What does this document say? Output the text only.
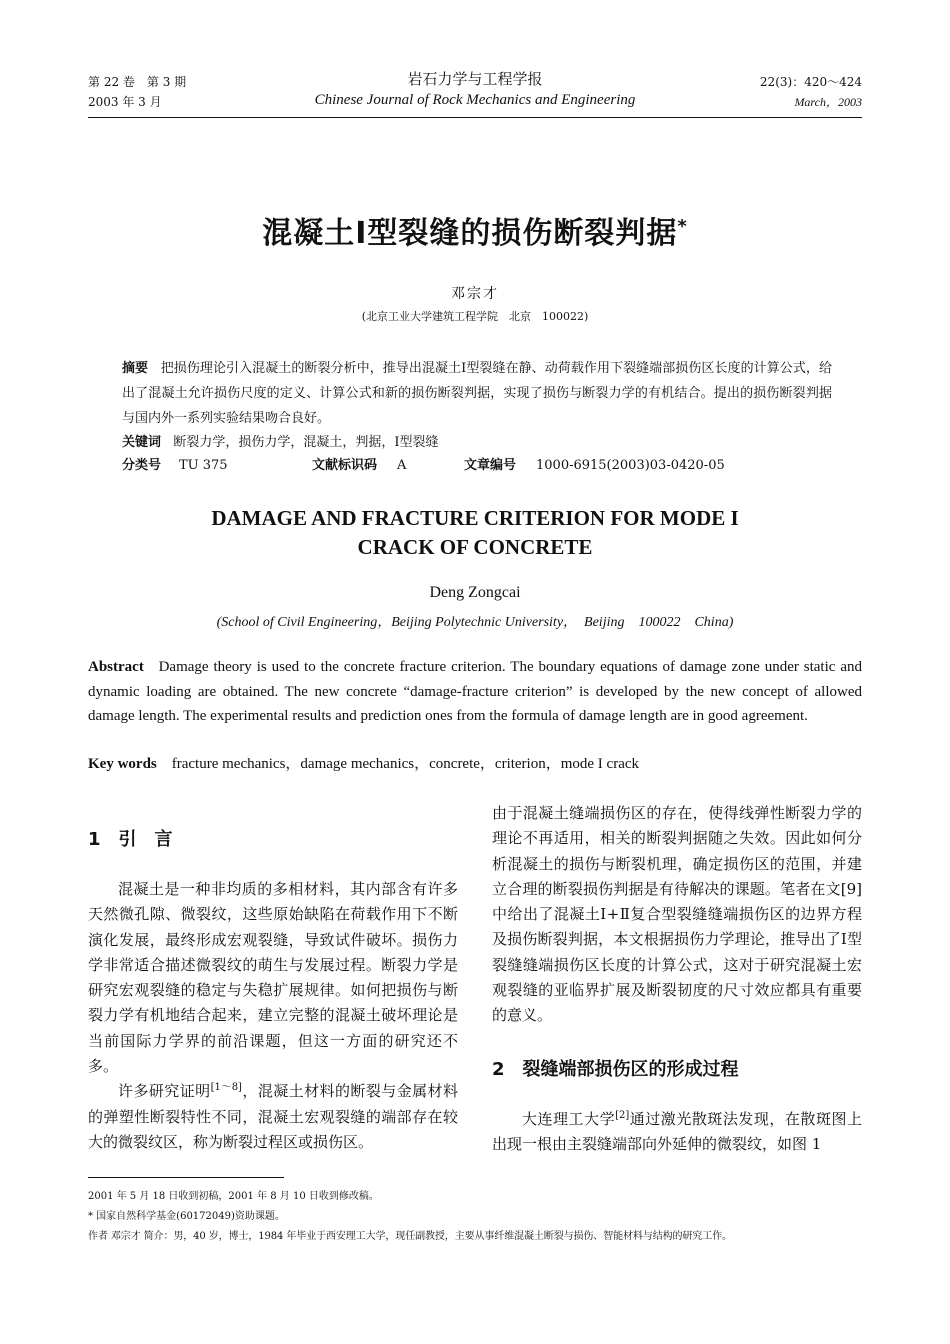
第 22 卷　第 3 期
2003 年 3 月
岩石力学与工程学报
Chinese Journal of Rock Mechanics and Engineering
22(3)：420～424
March，2003
混凝土Ⅰ型裂缝的损伤断裂判据*
邓宗才
(北京工业大学建筑工程学院　北京　100022)
摘要 把损伤理论引入混凝土的断裂分析中，推导出混凝土Ⅰ型裂缝在静、动荷载作用下裂缝端部损伤区长度的计算公式，给出了混凝土允许损伤尺度的定义、计算公式和新的损伤断裂判据，实现了损伤与断裂力学的有机结合。提出的损伤断裂判据与国内外一系列实验结果吻合良好。
关键词 断裂力学，损伤力学，混凝土，判据，Ⅰ型裂缝
分类号 TU 375	文献标识码 A	文章编号 1000-6915(2003)03-0420-05
DAMAGE AND FRACTURE CRITERION FOR MODE I
CRACK OF CONCRETE
Deng Zongcai
(School of Civil Engineering，Beijing Polytechnic University，　Beijing　100022　China)
Abstract Damage theory is used to the concrete fracture criterion. The boundary equations of damage zone under static and dynamic loading are obtained. The new concrete “damage-fracture criterion” is developed by the new concept of allowed damage length. The experimental results and prediction ones from the formula of damage length are in good agreement.
Key words fracture mechanics，damage mechanics，concrete，criterion，mode I crack
1　引　言

混凝土是一种非均质的多相材料，其内部含有许多天然微孔隙、微裂纹，这些原始缺陷在荷载作用下不断演化发展，最终形成宏观裂缝，导致试件破坏。损伤力学非常适合描述微裂纹的萌生与发展过程。断裂力学是研究宏观裂缝的稳定与失稳扩展规律。如何把损伤与断裂力学有机地结合起来，建立完整的混凝土破坏理论是当前国际力学界的前沿课题，但这一方面的研究还不多。

许多研究证明[1～8]，混凝土材料的断裂与金属材料的弹塑性断裂特性不同，混凝土宏观裂缝的端部存在较大的微裂纹区，称为断裂过程区或损伤区。

由于混凝土缝端损伤区的存在，使得线弹性断裂力学的理论不再适用，相关的断裂判据随之失效。因此如何分析混凝土的损伤与断裂机理，确定损伤区的范围，并建立合理的断裂损伤判据是有待解决的课题。笔者在文[9]中给出了混凝土Ⅰ+Ⅱ复合型裂缝缝端损伤区的边界方程及损伤断裂判据，本文根据损伤力学理论，推导出了Ⅰ型裂缝缝端损伤区长度的计算公式，这对于研究混凝土宏观裂缝的亚临界扩展及断裂韧度的尺寸效应都具有重要的意义。

2　裂缝端部损伤区的形成过程

大连理工大学[2]通过激光散斑法发现，在散斑图上出现一根由主裂缝端部向外延伸的微裂纹，如图 1

2001 年 5 月 18 日收到初稿，2001 年 8 月 10 日收到修改稿。
* 国家自然科学基金(60172049)资助课题。
作者 邓宗才 简介：男，40 岁，博士，1984 年毕业于西安理工大学，现任副教授，主要从事纤维混凝土断裂与损伤、智能材料与结构的研究工作。
